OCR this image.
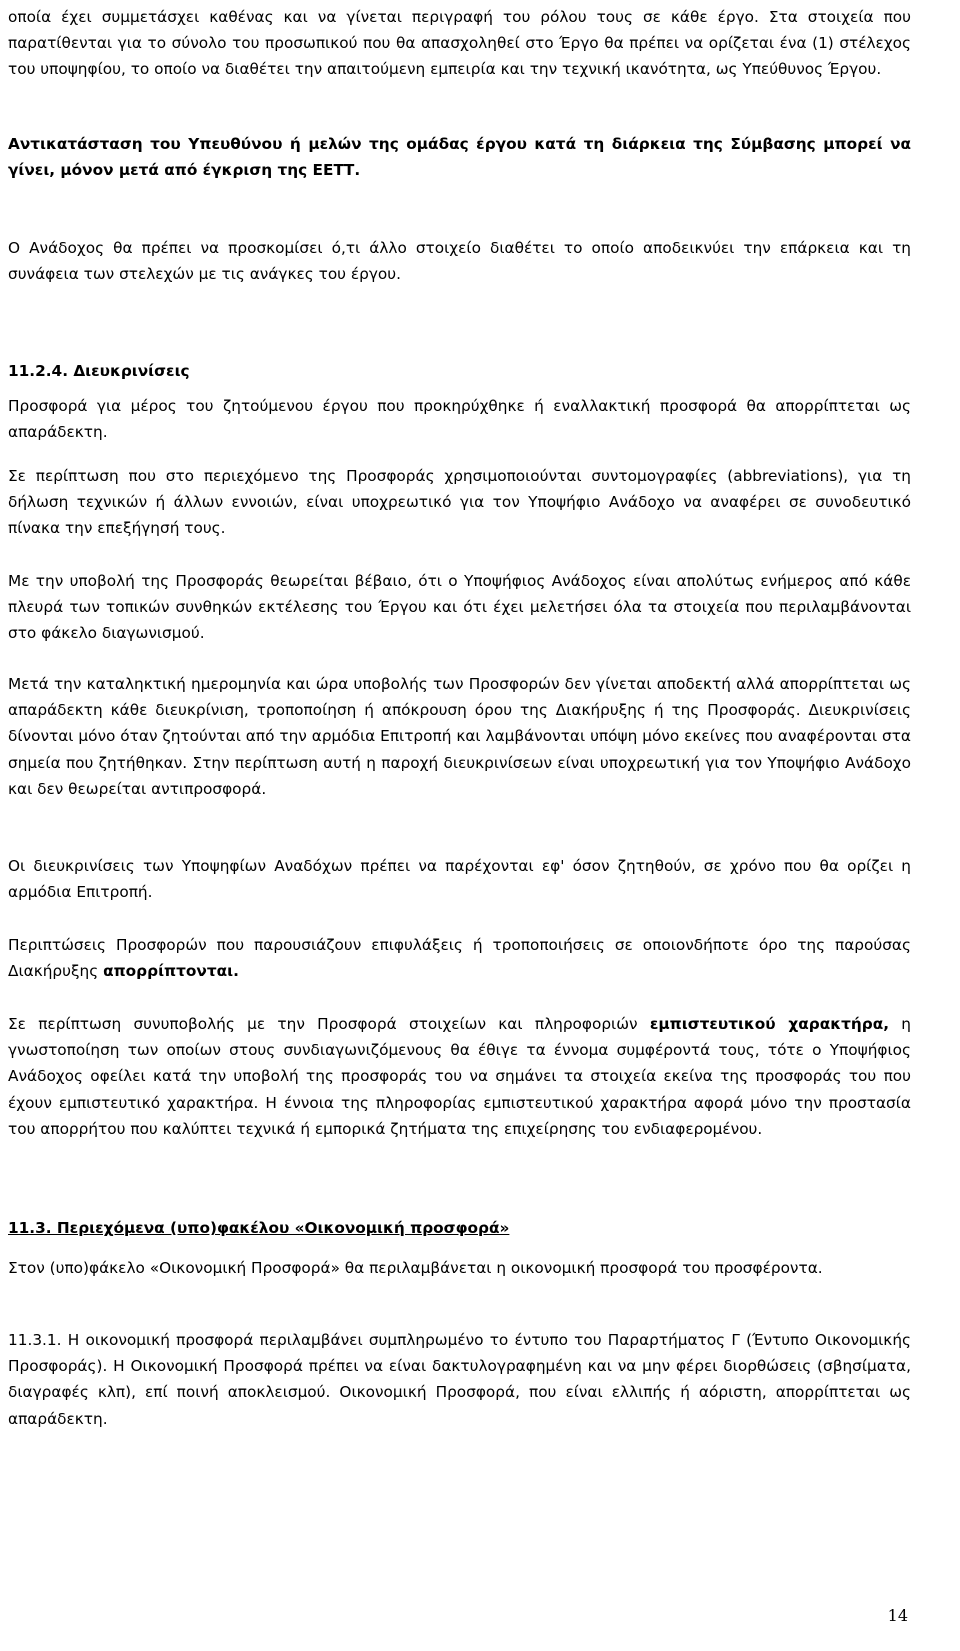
οποία έχει συμμετάσχει καθένας και να γίνεται περιγραφή του ρόλου τους σε κάθε έργο. Στα στοιχεία που παρατίθενται για το σύνολο του προσωπικού που θα απασχοληθεί στο Έργο θα πρέπει να ορίζεται ένα (1) στέλεχος του υποψηφίου, το οποίο να διαθέτει την απαιτούμενη εμπειρία και την τεχνική ικανότητα, ως Υπεύθυνος Έργου.

Αντικατάσταση του Υπευθύνου ή μελών της ομάδας έργου κατά τη διάρκεια της Σύμβασης μπορεί να γίνει, μόνον μετά από έγκριση της ΕΕΤΤ.

Ο Ανάδοχος θα πρέπει να προσκομίσει ό,τι άλλο στοιχείο διαθέτει το οποίο αποδεικνύει την επάρκεια και τη συνάφεια των στελεχών με τις ανάγκες του έργου.

11.2.4. Διευκρινίσεις

Προσφορά για μέρος του ζητούμενου έργου που προκηρύχθηκε ή εναλλακτική προσφορά θα απορρίπτεται ως απαράδεκτη.

Σε περίπτωση που στο περιεχόμενο της Προσφοράς χρησιμοποιούνται συντομογραφίες (abbreviations), για τη δήλωση τεχνικών ή άλλων εννοιών, είναι υποχρεωτικό για τον Υποψήφιο Ανάδοχο να αναφέρει σε συνοδευτικό πίνακα την επεξήγησή τους.

Με την υποβολή της Προσφοράς θεωρείται βέβαιο, ότι ο Υποψήφιος Ανάδοχος είναι απολύτως ενήμερος από κάθε πλευρά των τοπικών συνθηκών εκτέλεσης του Έργου και ότι έχει μελετήσει όλα τα στοιχεία που περιλαμβάνονται στο φάκελο διαγωνισμού.

Μετά την καταληκτική ημερομηνία και ώρα υποβολής των Προσφορών δεν γίνεται αποδεκτή αλλά απορρίπτεται ως απαράδεκτη κάθε διευκρίνιση, τροποποίηση ή απόκρουση όρου της Διακήρυξης ή της Προσφοράς. Διευκρινίσεις δίνονται μόνο όταν ζητούνται από την αρμόδια Επιτροπή και λαμβάνονται υπόψη μόνο εκείνες που αναφέρονται στα σημεία που ζητήθηκαν. Στην περίπτωση αυτή η παροχή διευκρινίσεων είναι υποχρεωτική για τον Υποψήφιο Ανάδοχο και δεν θεωρείται αντιπροσφορά.

Οι διευκρινίσεις των Υποψηφίων Αναδόχων πρέπει να παρέχονται εφ' όσον ζητηθούν, σε χρόνο που θα ορίζει η αρμόδια Επιτροπή.

Περιπτώσεις Προσφορών που παρουσιάζουν επιφυλάξεις ή τροποποιήσεις σε οποιονδήποτε όρο της παρούσας Διακήρυξης απορρίπτονται.

Σε περίπτωση συνυποβολής με την Προσφορά στοιχείων και πληροφοριών εμπιστευτικού χαρακτήρα, η γνωστοποίηση των οποίων στους συνδιαγωνιζόμενους θα έθιγε τα έννομα συμφέροντά τους, τότε ο Υποψήφιος Ανάδοχος οφείλει κατά την υποβολή της προσφοράς του να σημάνει τα στοιχεία εκείνα της προσφοράς του που έχουν εμπιστευτικό χαρακτήρα. Η έννοια της πληροφορίας εμπιστευτικού χαρακτήρα αφορά μόνο την προστασία του απορρήτου που καλύπτει τεχνικά ή εμπορικά ζητήματα της επιχείρησης του ενδιαφερομένου.

11.3. Περιεχόμενα (υπο)φακέλου «Οικονομική προσφορά»

Στον (υπο)φάκελο «Οικονομική Προσφορά» θα περιλαμβάνεται η οικονομική προσφορά του προσφέροντα.

11.3.1. Η οικονομική προσφορά περιλαμβάνει συμπληρωμένο το έντυπο του Παραρτήματος Γ (Έντυπο Οικονομικής Προσφοράς). Η Οικονομική Προσφορά πρέπει να είναι δακτυλογραφημένη και να μην φέρει διορθώσεις (σβησίματα, διαγραφές κλπ), επί ποινή αποκλεισμού. Οικονομική Προσφορά, που είναι ελλιπής ή αόριστη, απορρίπτεται ως απαράδεκτη.

14
